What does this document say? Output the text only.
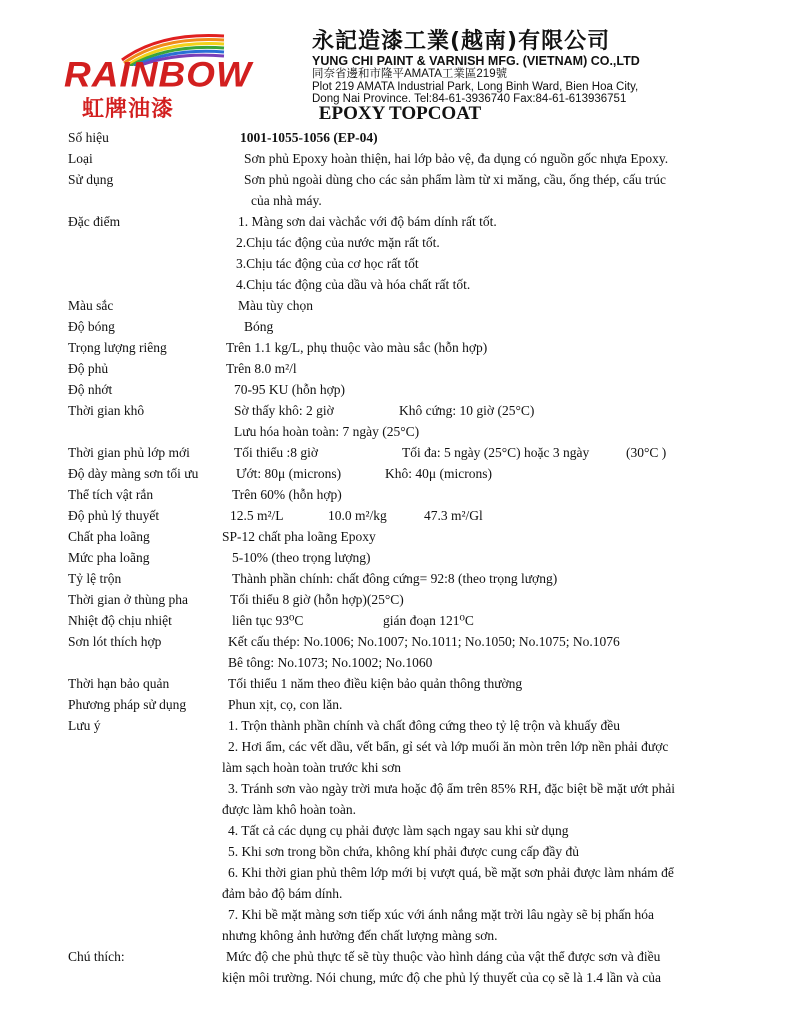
RAINBOW
虹牌油漆
永記造漆工業(越南)有限公司
YUNG CHI PAINT & VARNISH MFG. (VIETNAM) CO.,LTD
同奈省邊和市隆平AMATA工業區219號
Plot 219 AMATA Industrial Park, Long Binh Ward, Bien Hoa City,
Dong Nai Province. Tel:84-61-3936740 Fax:84-61-613936751
EPOXY TOPCOAT
Số hiệu	1001-1055-1056 (EP-04)
Loại	Sơn phủ Epoxy hoàn thiện, hai lớp bảo vệ, đa dụng có nguồn gốc nhựa Epoxy.
Sử dụng	Sơn phủ ngoài dùng cho các sản phẩm làm từ xi măng, cầu, ống thép, cấu trúc
của nhà máy.
Đặc điểm	1. Màng sơn dai vàchắc với độ bám dính rất tốt.
2.Chịu tác động của nước mặn rất tốt.
3.Chịu tác động của cơ học rất tốt
4.Chịu tác động của dầu và hóa chất rất tốt.
Màu sắc	Màu tùy chọn
Độ bóng	Bóng
Trọng lượng riêng	Trên 1.1 kg/L, phụ thuộc vào màu sắc (hỗn hợp)
Độ phủ	Trên 8.0 m²/l
Độ nhớt	70-95 KU (hỗn hợp)
Thời gian khô	Sờ thấy khô: 2 giờ	Khô cứng: 10 giờ (25°C)
Lưu hóa hoàn toàn: 7 ngày (25°C)
Thời gian phủ lớp mới	Tối thiểu :8 giờ	Tối đa: 5 ngày (25°C) hoặc 3 ngày	(30°C )
Độ dày màng sơn tối ưu	Ướt: 80μ (microns)	Khô: 40μ (microns)
Thể tích vật rắn	Trên 60% (hỗn hợp)
Độ phủ lý thuyết	12.5 m²/L	10.0 m²/kg	47.3 m²/Gl
Chất pha loãng	SP-12 chất pha loãng Epoxy
Mức pha loãng	5-10% (theo trọng lượng)
Tỷ lệ trộn	Thành phần chính: chất đông cứng= 92:8 (theo trọng lượng)
Thời gian ở thùng pha	Tối thiểu 8 giờ (hỗn hợp)(25°C)
Nhiệt độ chịu nhiệt	liên tục 93⁰C	gián đoạn 121⁰C
Sơn lót thích hợp	Kết cấu thép: No.1006; No.1007; No.1011; No.1050; No.1075; No.1076
Bê tông: No.1073; No.1002; No.1060
Thời hạn bảo quản	Tối thiểu 1 năm theo điều kiện bảo quản thông thường
Phương pháp sử dụng	Phun xịt, cọ, con lăn.
Lưu ý	1. Trộn thành phần chính và chất đông cứng theo tỷ lệ trộn và khuấy đều
2. Hơi ẩm, các vết dầu, vết bẩn, gỉ sét và lớp muối ăn mòn trên lớp nền phải được
làm sạch hoàn toàn trước khi sơn
3. Tránh sơn vào ngày trời mưa hoặc độ ẩm trên 85% RH, đặc biệt bề mặt ướt phải
được làm khô hoàn toàn.
4. Tất cả các dụng cụ phải được làm sạch ngay sau khi sử dụng
5. Khi sơn trong bồn chứa, không khí phải được cung cấp đầy đủ
6. Khi thời gian phủ thêm lớp mới bị vượt quá, bề mặt sơn phải được làm nhám để
đảm bảo độ bám dính.
7. Khi bề mặt màng sơn tiếp xúc với ánh nắng mặt trời lâu ngày sẽ bị phấn hóa
nhưng không ảnh hưởng đến chất lượng màng sơn.
Chú thích:	Mức độ che phủ thực tế sẽ tùy thuộc vào hình dáng của vật thể được sơn và điều
kiện môi trường. Nói chung, mức độ che phủ lý thuyết của cọ sẽ là 1.4 lần và của
